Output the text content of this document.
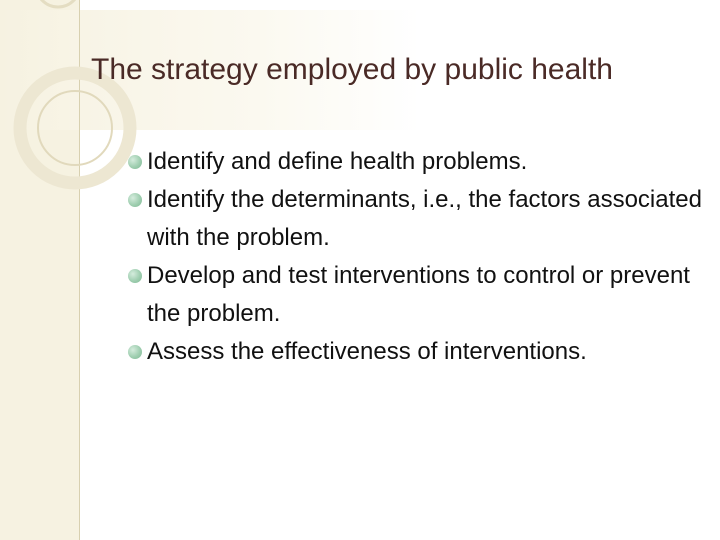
The strategy employed by public health
Identify and define health problems.
Identify the determinants, i.e., the factors associated with the problem.
Develop and test interventions to control or prevent the problem.
Assess the effectiveness of interventions.
